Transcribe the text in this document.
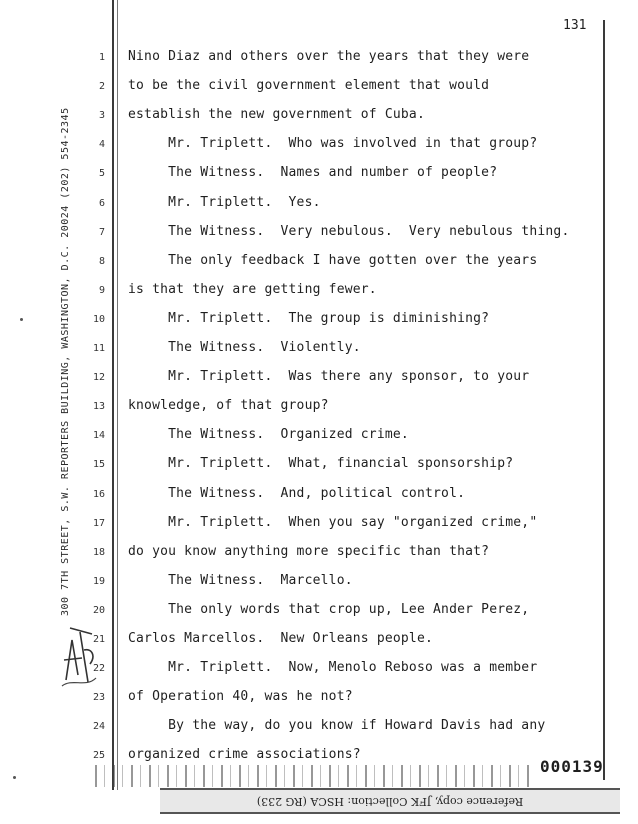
131
300 7TH STREET, S.W. REPORTERS BUILDING, WASHINGTON, D.C. 20024 (202) 554-2345
1 Nino Diaz and others over the years that they were
2 to be the civil government element that would
3 establish the new government of Cuba.
4 Mr. Triplett.  Who was involved in that group?
5 The Witness.  Names and number of people?
6 Mr. Triplett.  Yes.
7 The Witness.  Very nebulous.  Very nebulous thing.
8 The only feedback I have gotten over the years
9 is that they are getting fewer.
10 Mr. Triplett.  The group is diminishing?
11 The Witness.  Violently.
12 Mr. Triplett.  Was there any sponsor, to your
13 knowledge, of that group?
14 The Witness.  Organized crime.
15 Mr. Triplett.  What, financial sponsorship?
16 The Witness.  And, political control.
17 Mr. Triplett.  When you say "organized crime,"
18 do you know anything more specific than that?
19 The Witness.  Marcello.
20 The only words that crop up, Lee Ander Perez,
21 Carlos Marcellos.  New Orleans people.
22 Mr. Triplett.  Now, Menolo Reboso was a member
23 of Operation 40, was he not?
24 By the way, do you know if Howard Davis had any
25 organized crime associations?
000139
Reference copy, JFK Collection: HSCA (RG 233)
